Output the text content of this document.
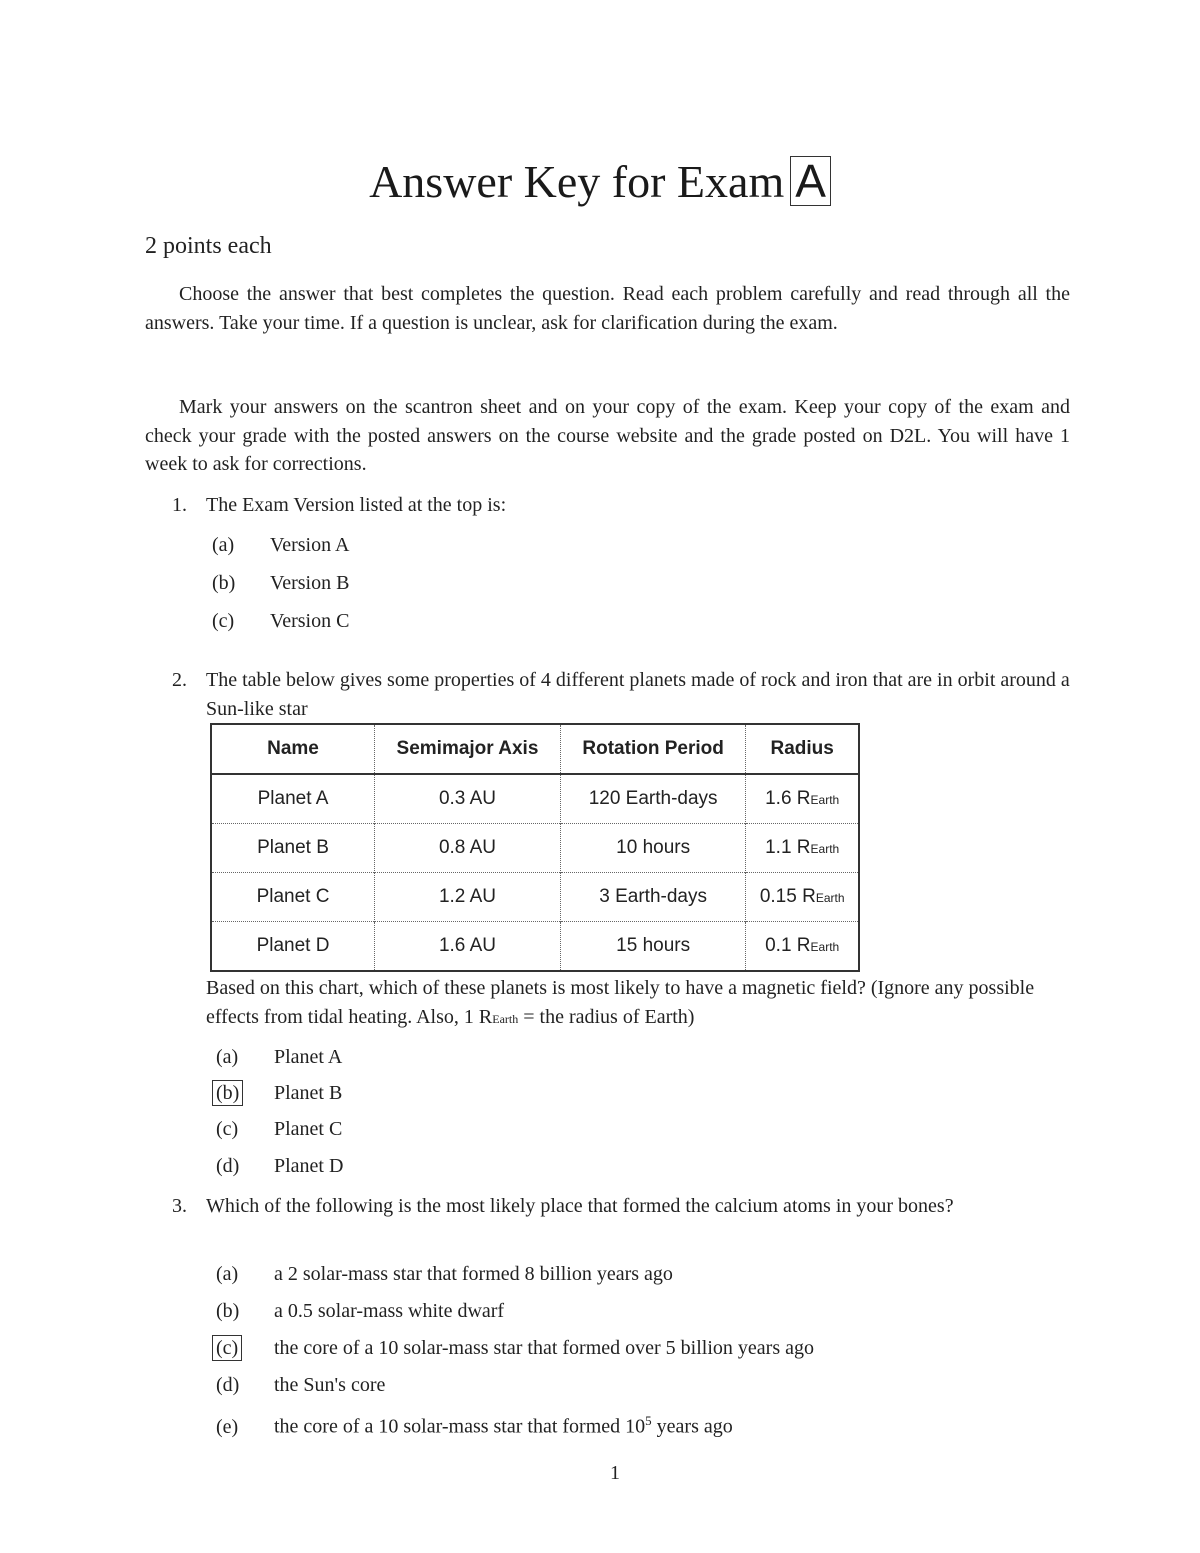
Answer Key for Exam A
2 points each
Choose the answer that best completes the question. Read each problem carefully and read through all the answers. Take your time. If a question is unclear, ask for clarification during the exam.
Mark your answers on the scantron sheet and on your copy of the exam. Keep your copy of the exam and check your grade with the posted answers on the course website and the grade posted on D2L. You will have 1 week to ask for corrections.
1. The Exam Version listed at the top is:
(a) Version A
(b) Version B
(c) Version C
2. The table below gives some properties of 4 different planets made of rock and iron that are in orbit around a Sun-like star
Name	Semimajor Axis	Rotation Period	Radius
Planet A	0.3 AU	120 Earth-days	1.6 REarth
Planet B	0.8 AU	10 hours	1.1 REarth
Planet C	1.2 AU	3 Earth-days	0.15 REarth
Planet D	1.6 AU	15 hours	0.1 REarth
Based on this chart, which of these planets is most likely to have a magnetic field? (Ignore any possible effects from tidal heating. Also, 1 REarth = the radius of Earth)
(a) Planet A
(b) Planet B
(c) Planet C
(d) Planet D
3. Which of the following is the most likely place that formed the calcium atoms in your bones?
(a) a 2 solar-mass star that formed 8 billion years ago
(b) a 0.5 solar-mass white dwarf
(c) the core of a 10 solar-mass star that formed over 5 billion years ago
(d) the Sun's core
(e) the core of a 10 solar-mass star that formed $10^5$ years ago
1
